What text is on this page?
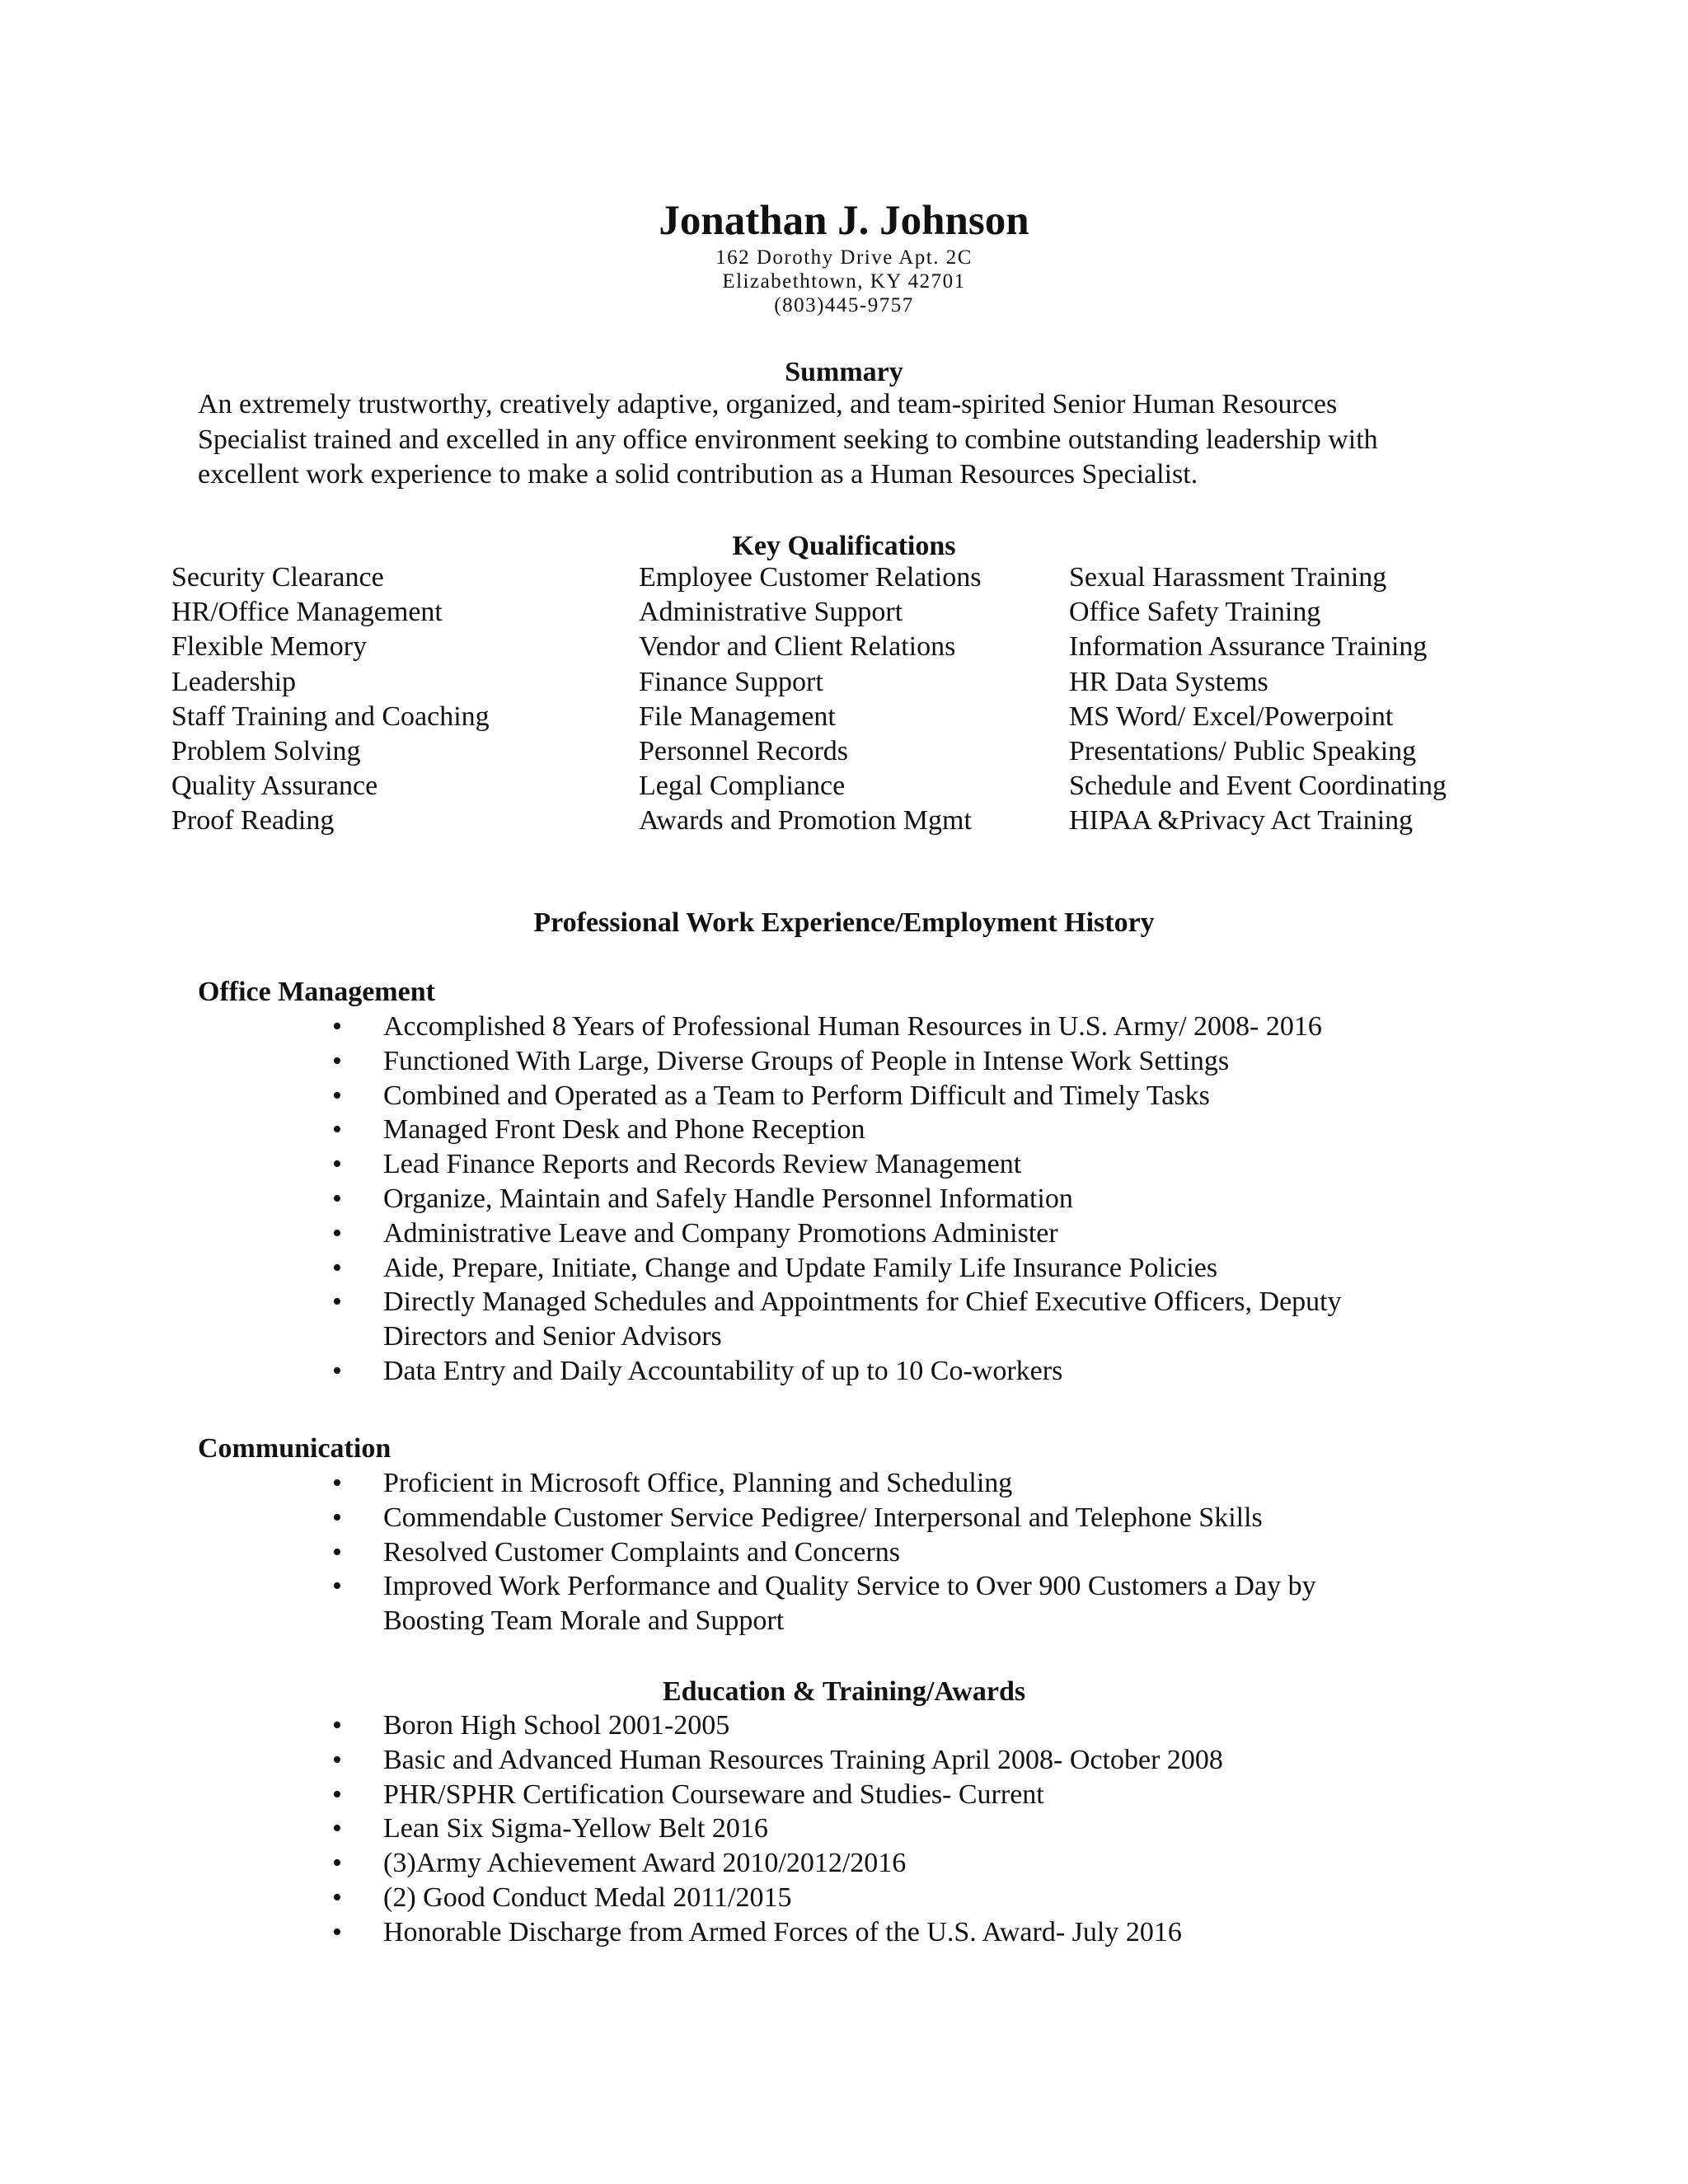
Jonathan J. Johnson
162 Dorothy Drive Apt. 2C
Elizabethtown, KY 42701
(803)445-9757
Summary
An extremely trustworthy, creatively adaptive, organized, and team-spirited Senior Human Resources
Specialist trained and excelled in any office environment seeking to combine outstanding leadership with
excellent work experience to make a solid contribution as a Human Resources Specialist.
Key Qualifications
Security Clearance
HR/Office Management
Flexible Memory
Leadership
Staff Training and Coaching
Problem Solving
Quality Assurance
Proof Reading
Employee Customer Relations
Administrative Support
Vendor and Client Relations
Finance Support
File Management
Personnel Records
Legal Compliance
Awards and Promotion Mgmt
Sexual Harassment Training
Office Safety Training
Information Assurance Training
HR Data Systems
MS Word/ Excel/Powerpoint
Presentations/ Public Speaking
Schedule and Event Coordinating
HIPAA &Privacy Act Training
Professional Work Experience/Employment History
Office Management
• Accomplished 8 Years of Professional Human Resources in U.S. Army/ 2008- 2016
• Functioned With Large, Diverse Groups of People in Intense Work Settings
• Combined and Operated as a Team to Perform Difficult and Timely Tasks
• Managed Front Desk and Phone Reception
• Lead Finance Reports and Records Review Management
• Organize, Maintain and Safely Handle Personnel Information
• Administrative Leave and Company Promotions Administer
• Aide, Prepare, Initiate, Change and Update Family Life Insurance Policies
• Directly Managed Schedules and Appointments for Chief Executive Officers, Deputy
Directors and Senior Advisors
• Data Entry and Daily Accountability of up to 10 Co-workers
Communication
• Proficient in Microsoft Office, Planning and Scheduling
• Commendable Customer Service Pedigree/ Interpersonal and Telephone Skills
• Resolved Customer Complaints and Concerns
• Improved Work Performance and Quality Service to Over 900 Customers a Day by
Boosting Team Morale and Support
Education & Training/Awards
• Boron High School 2001-2005
• Basic and Advanced Human Resources Training April 2008- October 2008
• PHR/SPHR Certification Courseware and Studies- Current
• Lean Six Sigma-Yellow Belt 2016
• (3)Army Achievement Award 2010/2012/2016
• (2) Good Conduct Medal 2011/2015
• Honorable Discharge from Armed Forces of the U.S. Award- July 2016
